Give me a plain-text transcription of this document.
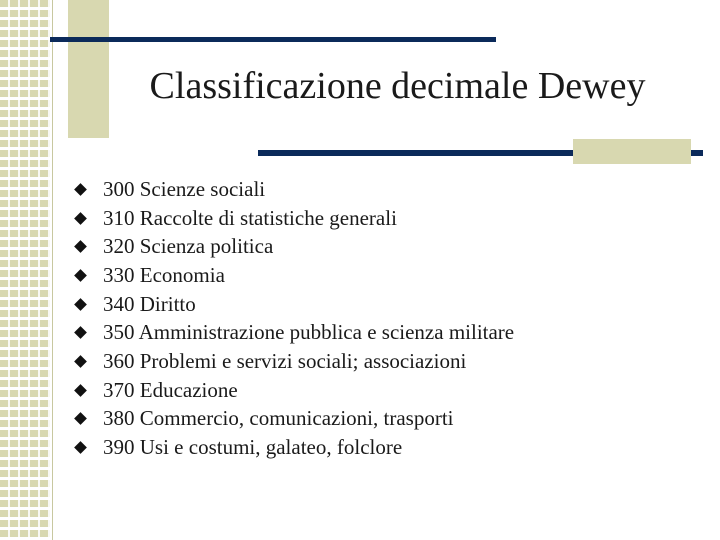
Classificazione decimale Dewey
300 Scienze sociali
310 Raccolte di statistiche generali
320 Scienza politica
330 Economia
340 Diritto
350 Amministrazione pubblica e scienza militare
360 Problemi e servizi sociali; associazioni
370 Educazione
380 Commercio, comunicazioni, trasporti
390 Usi e costumi, galateo, folclore
